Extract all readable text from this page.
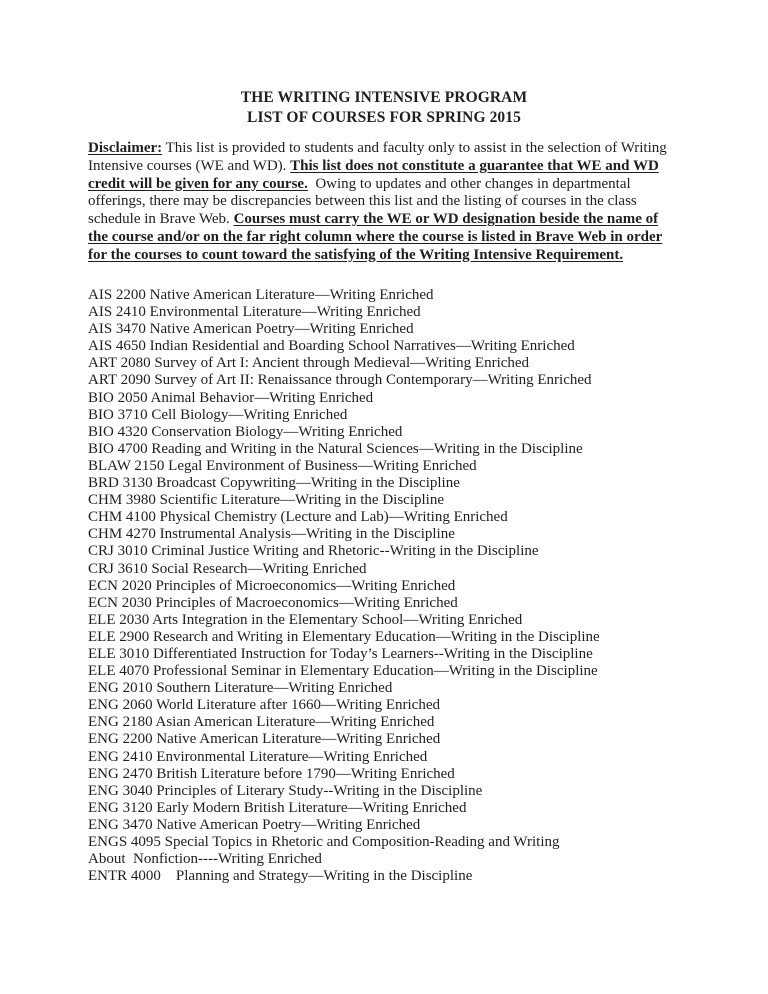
THE WRITING INTENSIVE PROGRAM
LIST OF COURSES FOR SPRING 2015
Disclaimer: This list is provided to students and faculty only to assist in the selection of Writing
Intensive courses (WE and WD). This list does not constitute a guarantee that WE and WD
credit will be given for any course.  Owing to updates and other changes in departmental
offerings, there may be discrepancies between this list and the listing of courses in the class
schedule in Brave Web. Courses must carry the WE or WD designation beside the name of
the course and/or on the far right column where the course is listed in Brave Web in order
for the courses to count toward the satisfying of the Writing Intensive Requirement.
AIS 2200 Native American Literature—Writing Enriched
AIS 2410 Environmental Literature—Writing Enriched
AIS 3470 Native American Poetry—Writing Enriched
AIS 4650 Indian Residential and Boarding School Narratives—Writing Enriched
ART 2080 Survey of Art I: Ancient through Medieval—Writing Enriched
ART 2090 Survey of Art II: Renaissance through Contemporary—Writing Enriched
BIO 2050 Animal Behavior—Writing Enriched
BIO 3710 Cell Biology—Writing Enriched
BIO 4320 Conservation Biology—Writing Enriched
BIO 4700 Reading and Writing in the Natural Sciences—Writing in the Discipline
BLAW 2150 Legal Environment of Business—Writing Enriched
BRD 3130 Broadcast Copywriting—Writing in the Discipline
CHM 3980 Scientific Literature—Writing in the Discipline
CHM 4100 Physical Chemistry (Lecture and Lab)—Writing Enriched
CHM 4270 Instrumental Analysis—Writing in the Discipline
CRJ 3010 Criminal Justice Writing and Rhetoric--Writing in the Discipline
CRJ 3610 Social Research—Writing Enriched
ECN 2020 Principles of Microeconomics—Writing Enriched
ECN 2030 Principles of Macroeconomics—Writing Enriched
ELE 2030 Arts Integration in the Elementary School—Writing Enriched
ELE 2900 Research and Writing in Elementary Education—Writing in the Discipline
ELE 3010 Differentiated Instruction for Today’s Learners--Writing in the Discipline
ELE 4070 Professional Seminar in Elementary Education—Writing in the Discipline
ENG 2010 Southern Literature—Writing Enriched
ENG 2060 World Literature after 1660—Writing Enriched
ENG 2180 Asian American Literature—Writing Enriched
ENG 2200 Native American Literature—Writing Enriched
ENG 2410 Environmental Literature—Writing Enriched
ENG 2470 British Literature before 1790—Writing Enriched
ENG 3040 Principles of Literary Study--Writing in the Discipline
ENG 3120 Early Modern British Literature—Writing Enriched
ENG 3470 Native American Poetry—Writing Enriched
ENGS 4095 Special Topics in Rhetoric and Composition-Reading and Writing
About  Nonfiction----Writing Enriched
ENTR 4000    Planning and Strategy—Writing in the Discipline
